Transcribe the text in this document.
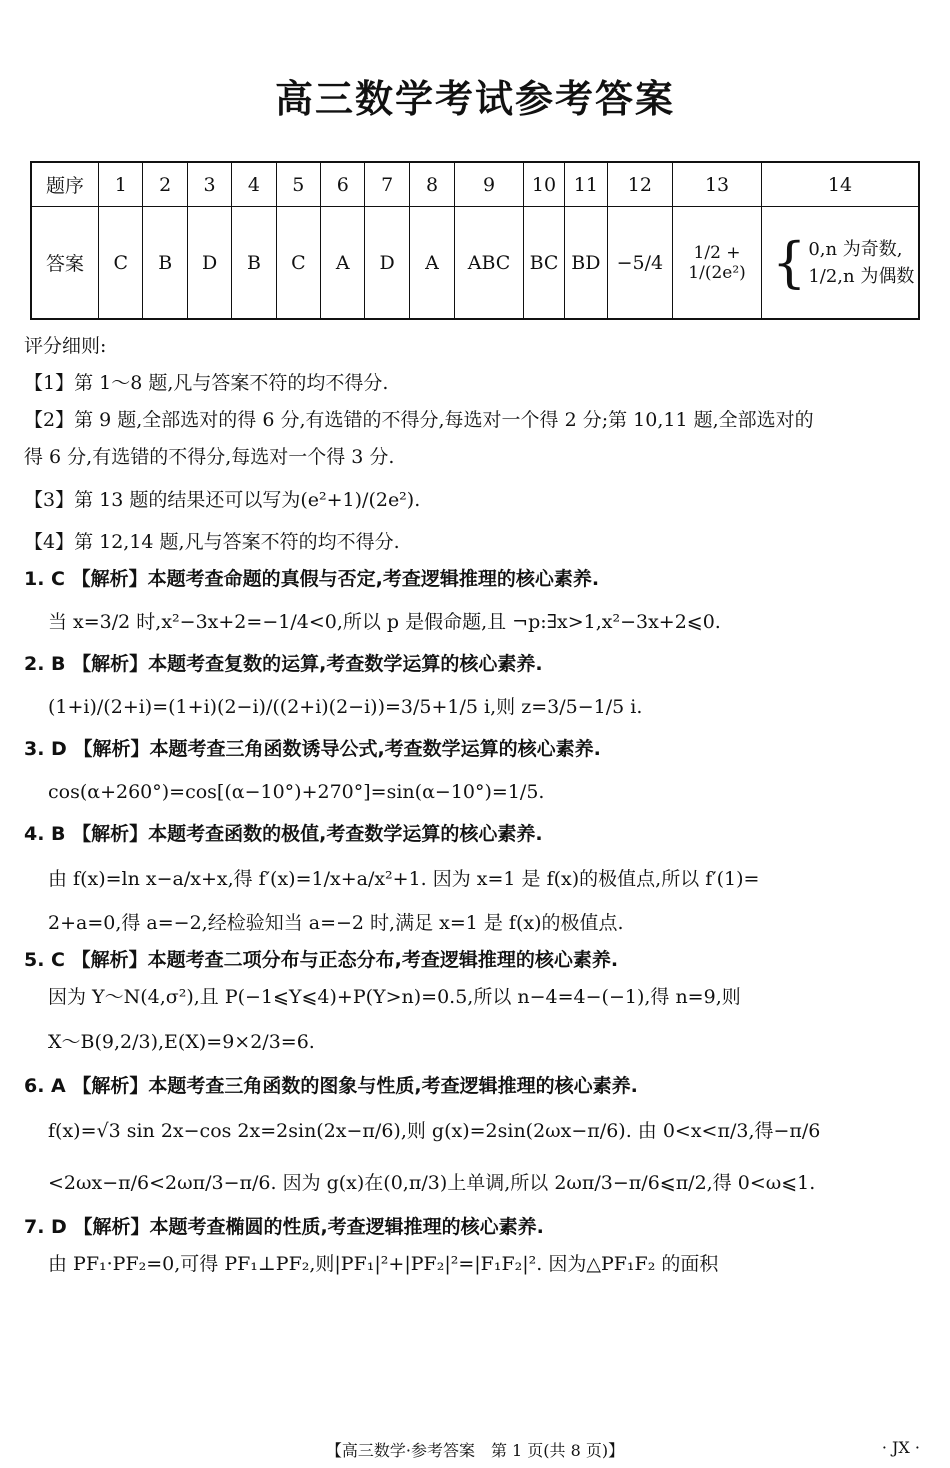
高三数学考试参考答案
题序	1	2	3	4	5	6	7	8	9	10	11	12	13	14
答案	C	B	D	B	C	A	D	A	ABC	BC	BD	−5/4	1/2 + 1/(2e²)	{ 0,n 为奇数,
1/2,n 为偶数

评分细则:

【1】第 1～8 题,凡与答案不符的均不得分.

【2】第 9 题,全部选对的得 6 分,有选错的不得分,每选对一个得 2 分;第 10,11 题,全部选对的

得 6 分,有选错的不得分,每选对一个得 3 分.

【3】第 13 题的结果还可以写为(e²+1)/(2e²).

【4】第 12,14 题,凡与答案不符的均不得分.

1. C 【解析】本题考查命题的真假与否定,考查逻辑推理的核心素养.

当 x=3/2 时,x²−3x+2=−1/4<0,所以 p 是假命题,且 ¬p:∃x>1,x²−3x+2⩽0.

2. B 【解析】本题考查复数的运算,考查数学运算的核心素养.

(1+i)/(2+i)=(1+i)(2−i)/((2+i)(2−i))=3/5+1/5 i,则 z=3/5−1/5 i.

3. D 【解析】本题考查三角函数诱导公式,考查数学运算的核心素养.

cos(α+260°)=cos[(α−10°)+270°]=sin(α−10°)=1/5.

4. B 【解析】本题考查函数的极值,考查数学运算的核心素养.

由 f(x)=ln x−a/x+x,得 f′(x)=1/x+a/x²+1. 因为 x=1 是 f(x)的极值点,所以 f′(1)=

2+a=0,得 a=−2,经检验知当 a=−2 时,满足 x=1 是 f(x)的极值点.

5. C 【解析】本题考查二项分布与正态分布,考查逻辑推理的核心素养.

因为 Y～N(4,σ²),且 P(−1⩽Y⩽4)+P(Y>n)=0.5,所以 n−4=4−(−1),得 n=9,则

X～B(9,2/3),E(X)=9×2/3=6.

6. A 【解析】本题考查三角函数的图象与性质,考查逻辑推理的核心素养.

f(x)=√3 sin 2x−cos 2x=2sin(2x−π/6),则 g(x)=2sin(2ωx−π/6). 由 0<x<π/3,得−π/6

<2ωx−π/6<2ωπ/3−π/6. 因为 g(x)在(0,π/3)上单调,所以 2ωπ/3−π/6⩽π/2,得 0<ω⩽1.

7. D 【解析】本题考查椭圆的性质,考查逻辑推理的核心素养.

由 PF₁·PF₂=0,可得 PF₁⊥PF₂,则|PF₁|²+|PF₂|²=|F₁F₂|². 因为△PF₁F₂ 的面积

【高三数学·参考答案　第 1 页(共 8 页)】	· JX ·
